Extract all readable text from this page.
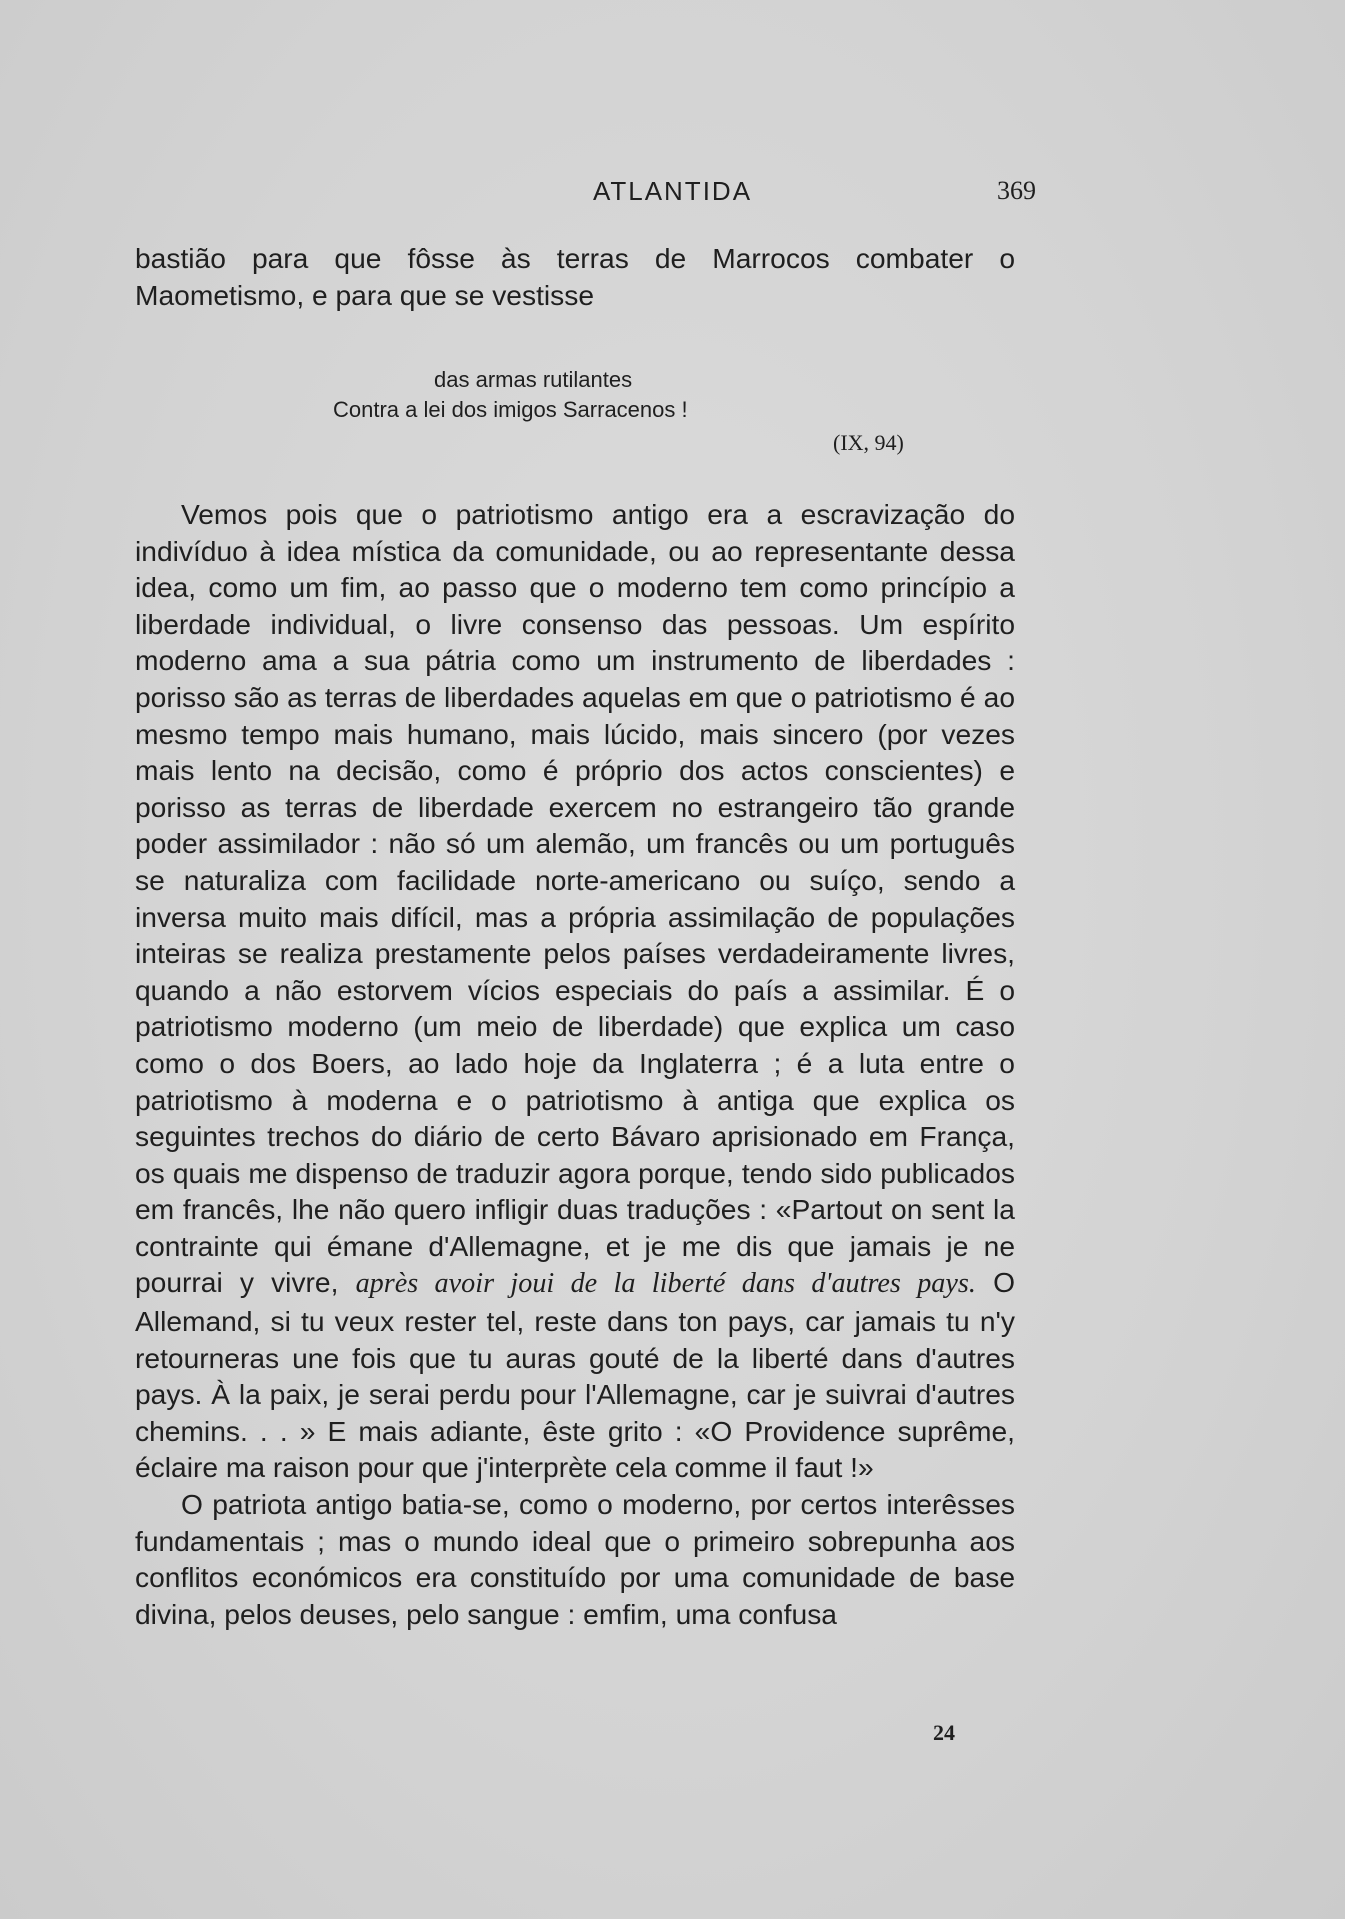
ATLANTIDA	369

bastião para que fôsse às terras de Marrocos combater o Maometismo, e para que se vestisse

das armas rutilantes
Contra a lei dos imigos Sarracenos !
(IX, 94)

Vemos pois que o patriotismo antigo era a escravização do indivíduo à idea mística da comunidade, ou ao representante dessa idea, como um fim, ao passo que o moderno tem como princípio a liberdade individual, o livre consenso das pessoas. Um espírito moderno ama a sua pátria como um instrumento de liberdades : porisso são as terras de liberdades aquelas em que o patriotismo é ao mesmo tempo mais humano, mais lúcido, mais sincero (por vezes mais lento na decisão, como é próprio dos actos conscientes) e porisso as terras de liberdade exercem no estrangeiro tão grande poder assimilador : não só um alemão, um francês ou um português se naturaliza com facilidade norte-americano ou suíço, sendo a inversa muito mais difícil, mas a própria assimilação de populações inteiras se realiza prestamente pelos países verdadeiramente livres, quando a não estorvem vícios especiais do país a assimilar. É o patriotismo moderno (um meio de liberdade) que explica um caso como o dos Boers, ao lado hoje da Inglaterra ; é a luta entre o patriotismo à moderna e o patriotismo à antiga que explica os seguintes trechos do diário de certo Bávaro aprisionado em França, os quais me dispenso de traduzir agora porque, tendo sido publicados em francês, lhe não quero infligir duas traduções : «Partout on sent la contrainte qui émane d'Allemagne, et je me dis que jamais je ne pourrai y vivre, après avoir joui de la liberté dans d'autres pays. O Allemand, si tu veux rester tel, reste dans ton pays, car jamais tu n'y retourneras une fois que tu auras gouté de la liberté dans d'autres pays. À la paix, je serai perdu pour l'Allemagne, car je suivrai d'autres chemins. . . » E mais adiante, êste grito : «O Providence suprême, éclaire ma raison pour que j'interprète cela comme il faut !»

O patriota antigo batia-se, como o moderno, por certos interêsses fundamentais ; mas o mundo ideal que o primeiro sobrepunha aos conflitos económicos era constituído por uma comunidade de base divina, pelos deuses, pelo sangue : emfim, uma confusa

24
